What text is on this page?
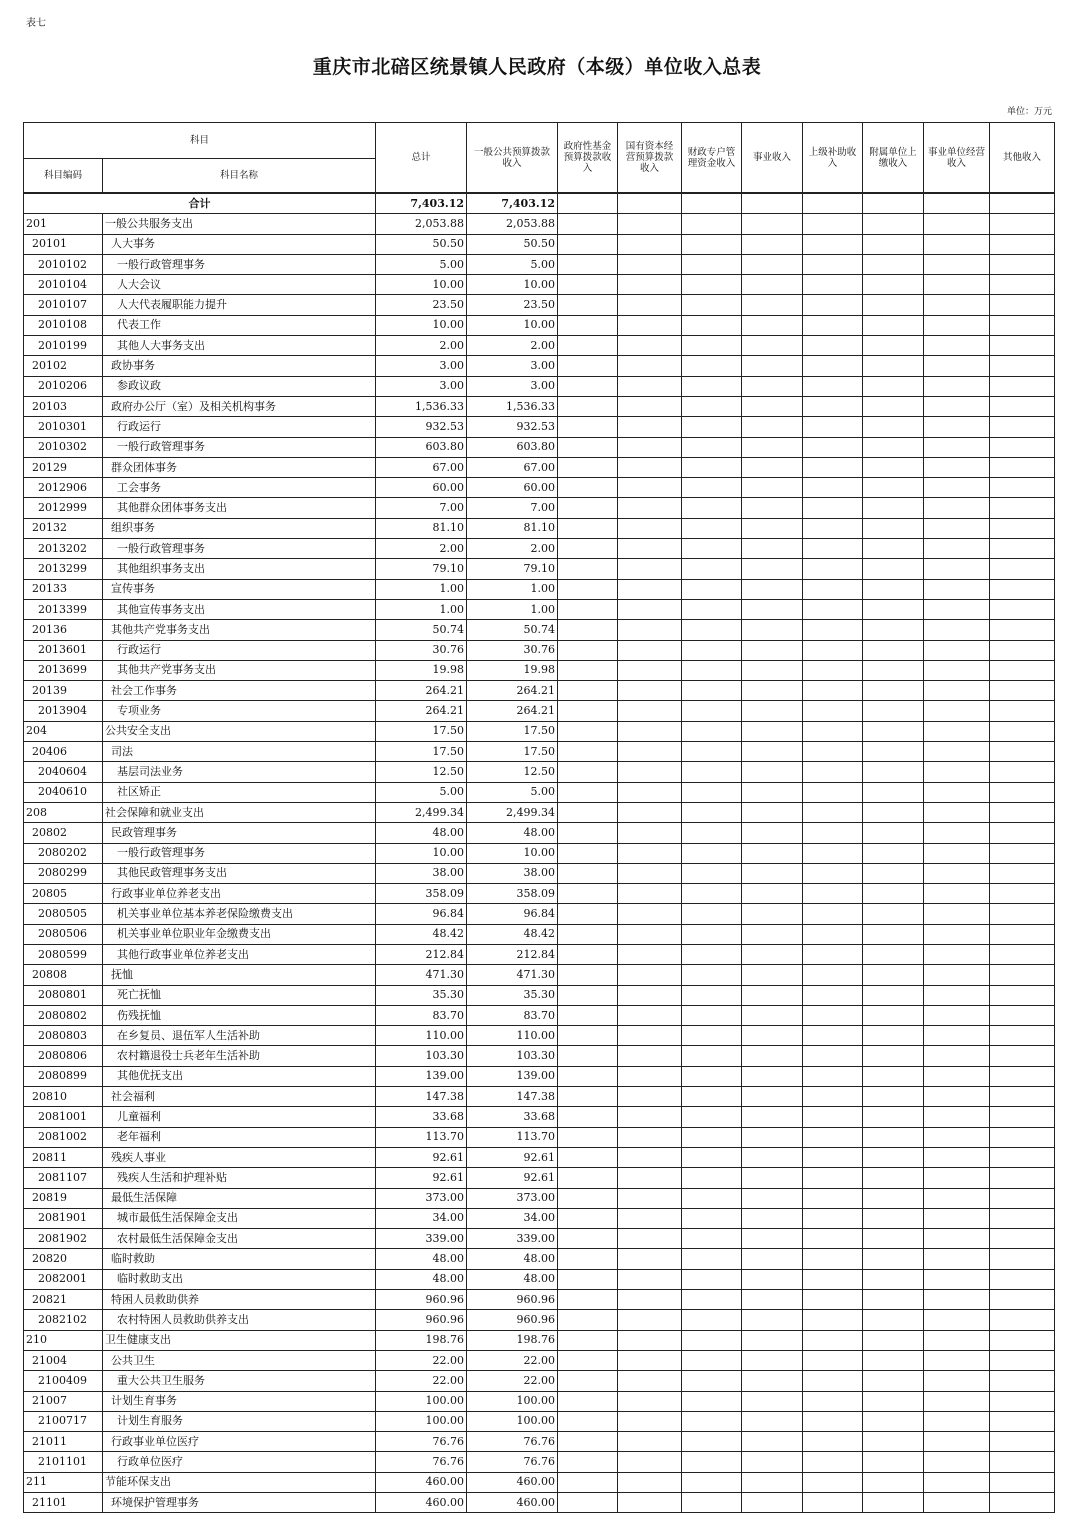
表七
重庆市北碚区统景镇人民政府（本级）单位收入总表
单位：万元
科目		总计	一般公共预算拨款收入	政府性基金预算拨款收入	国有资本经营预算拨款收入	财政专户管理资金收入	事业收入	上级补助收入	附属单位上缴收入	事业单位经营收入	其他收入
科目编码	科目名称										
合计		7,403.12	7,403.12								
201	一般公共服务支出	2,053.88	2,053.88								
20101	人大事务	50.50	50.50								
2010102	一般行政管理事务	5.00	5.00								
2010104	人大会议	10.00	10.00								
2010107	人大代表履职能力提升	23.50	23.50								
2010108	代表工作	10.00	10.00								
2010199	其他人大事务支出	2.00	2.00								
20102	政协事务	3.00	3.00								
2010206	参政议政	3.00	3.00								
20103	政府办公厅（室）及相关机构事务	1,536.33	1,536.33								
2010301	行政运行	932.53	932.53								
2010302	一般行政管理事务	603.80	603.80								
20129	群众团体事务	67.00	67.00								
2012906	工会事务	60.00	60.00								
2012999	其他群众团体事务支出	7.00	7.00								
20132	组织事务	81.10	81.10								
2013202	一般行政管理事务	2.00	2.00								
2013299	其他组织事务支出	79.10	79.10								
20133	宣传事务	1.00	1.00								
2013399	其他宣传事务支出	1.00	1.00								
20136	其他共产党事务支出	50.74	50.74								
2013601	行政运行	30.76	30.76								
2013699	其他共产党事务支出	19.98	19.98								
20139	社会工作事务	264.21	264.21								
2013904	专项业务	264.21	264.21								
204	公共安全支出	17.50	17.50								
20406	司法	17.50	17.50								
2040604	基层司法业务	12.50	12.50								
2040610	社区矫正	5.00	5.00								
208	社会保障和就业支出	2,499.34	2,499.34								
20802	民政管理事务	48.00	48.00								
2080202	一般行政管理事务	10.00	10.00								
2080299	其他民政管理事务支出	38.00	38.00								
20805	行政事业单位养老支出	358.09	358.09								
2080505	机关事业单位基本养老保险缴费支出	96.84	96.84								
2080506	机关事业单位职业年金缴费支出	48.42	48.42								
2080599	其他行政事业单位养老支出	212.84	212.84								
20808	抚恤	471.30	471.30								
2080801	死亡抚恤	35.30	35.30								
2080802	伤残抚恤	83.70	83.70								
2080803	在乡复员、退伍军人生活补助	110.00	110.00								
2080806	农村籍退役士兵老年生活补助	103.30	103.30								
2080899	其他优抚支出	139.00	139.00								
20810	社会福利	147.38	147.38								
2081001	儿童福利	33.68	33.68								
2081002	老年福利	113.70	113.70								
20811	残疾人事业	92.61	92.61								
2081107	残疾人生活和护理补贴	92.61	92.61								
20819	最低生活保障	373.00	373.00								
2081901	城市最低生活保障金支出	34.00	34.00								
2081902	农村最低生活保障金支出	339.00	339.00								
20820	临时救助	48.00	48.00								
2082001	临时救助支出	48.00	48.00								
20821	特困人员救助供养	960.96	960.96								
2082102	农村特困人员救助供养支出	960.96	960.96								
210	卫生健康支出	198.76	198.76								
21004	公共卫生	22.00	22.00								
2100409	重大公共卫生服务	22.00	22.00								
21007	计划生育事务	100.00	100.00								
2100717	计划生育服务	100.00	100.00								
21011	行政事业单位医疗	76.76	76.76								
2101101	行政单位医疗	76.76	76.76								
211	节能环保支出	460.00	460.00								
21101	环境保护管理事务	460.00	460.00								
